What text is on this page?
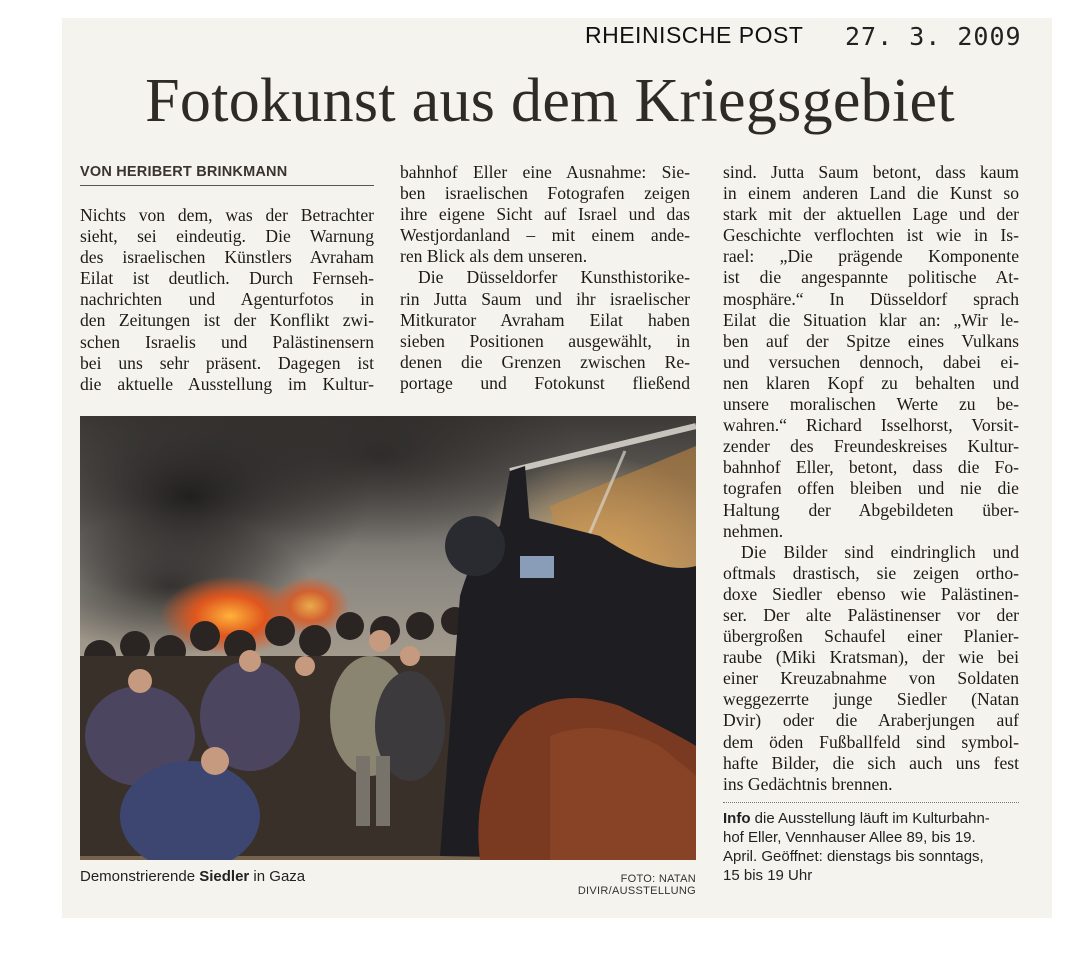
RHEINISCHE POST 27. 3. 2009
Fotokunst aus dem Kriegsgebiet
VON HERIBERT BRINKMANN
Nichts von dem, was der Betrachter
sieht, sei eindeutig. Die Warnung
des israelischen Künstlers Avraham
Eilat ist deutlich. Durch Fernseh-
nachrichten und Agenturfotos in
den Zeitungen ist der Konflikt zwi-
schen Israelis und Palästinensern
bei uns sehr präsent. Dagegen ist
die aktuelle Ausstellung im Kultur-
bahnhof Eller eine Ausnahme: Sie-
ben israelischen Fotografen zeigen
ihre eigene Sicht auf Israel und das
Westjordanland – mit einem ande-
ren Blick als dem unseren.
Die Düsseldorfer Kunsthistorike-
rin Jutta Saum und ihr israelischer
Mitkurator Avraham Eilat haben
sieben Positionen ausgewählt, in
denen die Grenzen zwischen Re-
portage und Fotokunst fließend
sind. Jutta Saum betont, dass kaum
in einem anderen Land die Kunst so
stark mit der aktuellen Lage und der
Geschichte verflochten ist wie in Is-
rael: „Die prägende Komponente
ist die angespannte politische At-
mosphäre.“ In Düsseldorf sprach
Eilat die Situation klar an: „Wir le-
ben auf der Spitze eines Vulkans
und versuchen dennoch, dabei ei-
nen klaren Kopf zu behalten und
unsere moralischen Werte zu be-
wahren.“ Richard Isselhorst, Vorsit-
zender des Freundeskreises Kultur-
bahnhof Eller, betont, dass die Fo-
tografen offen bleiben und nie die
Haltung der Abgebildeten über-
nehmen.
Die Bilder sind eindringlich und
oftmals drastisch, sie zeigen ortho-
doxe Siedler ebenso wie Palästinen-
ser. Der alte Palästinenser vor der
übergroßen Schaufel einer Planier-
raube (Miki Kratsman), der wie bei
einer Kreuzabnahme von Soldaten
weggezerrte junge Siedler (Natan
Dvir) oder die Araberjungen auf
dem öden Fußballfeld sind symbol-
hafte Bilder, die sich auch uns fest
ins Gedächtnis brennen.
Demonstrierende Siedler in Gaza	FOTO: NATAN DIVIR/AUSSTELLUNG
Info die Ausstellung läuft im Kulturbahn-
hof Eller, Vennhauser Allee 89, bis 19.
April. Geöffnet: dienstags bis sonntags,
15 bis 19 Uhr
